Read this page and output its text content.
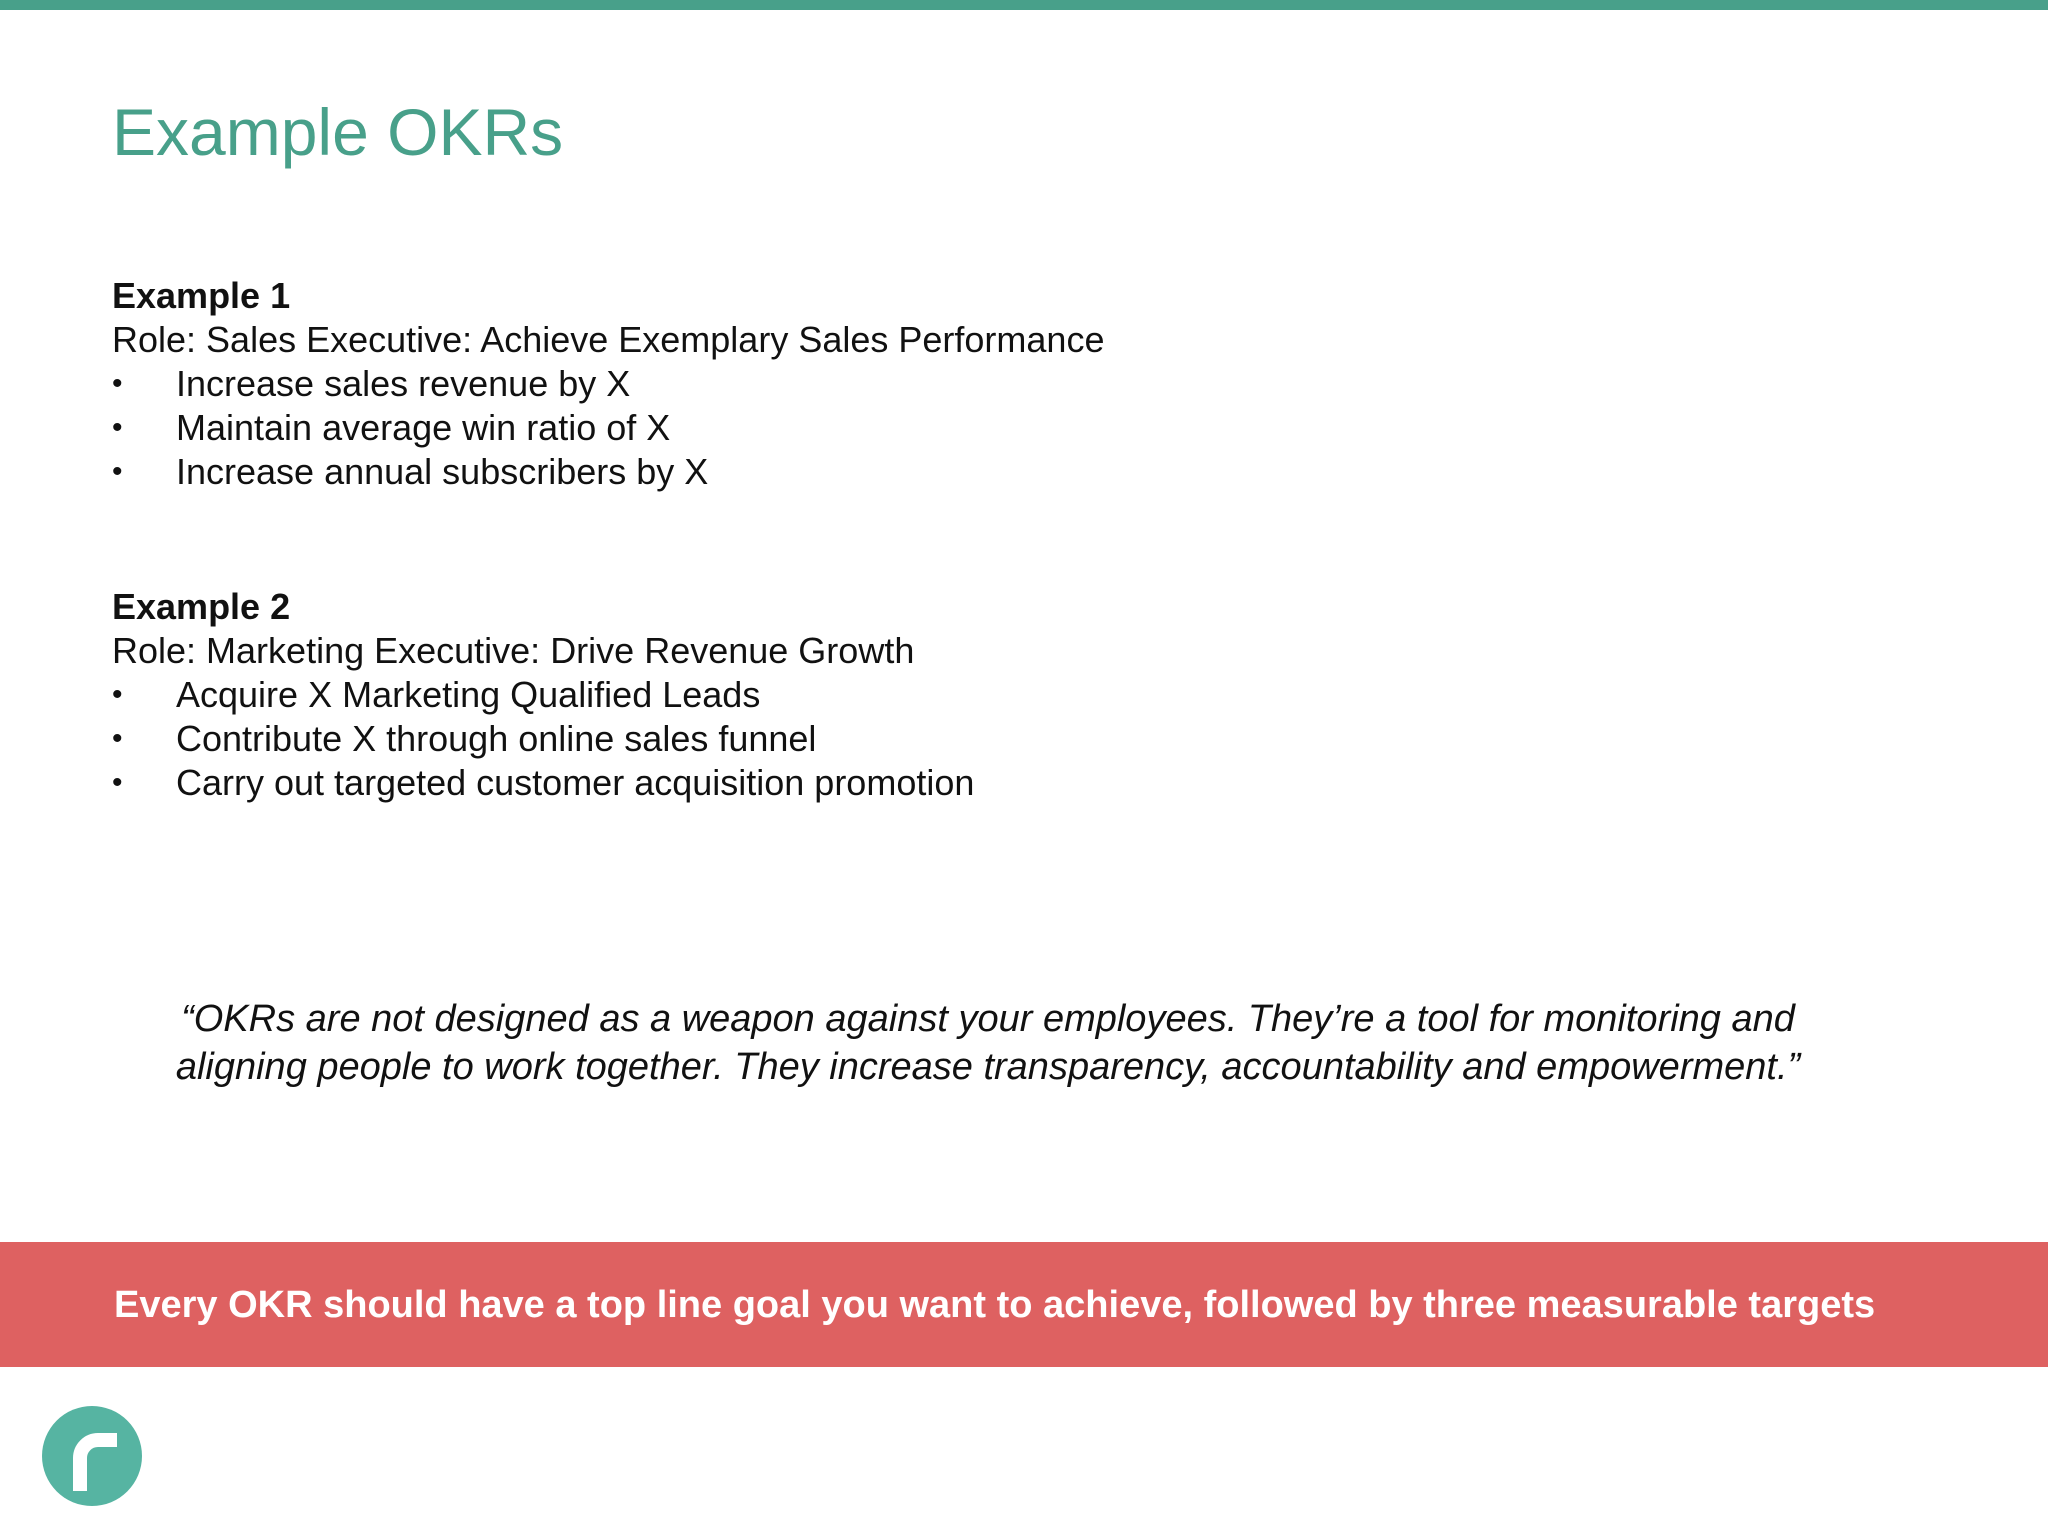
Example OKRs
Example 1
Role: Sales Executive: Achieve Exemplary Sales Performance
•	Increase sales revenue by X
•	Maintain average win ratio of X
•	Increase annual subscribers by X
Example 2
Role: Marketing Executive: Drive Revenue Growth
•	Acquire X Marketing Qualified Leads
•	Contribute X through online sales funnel
•	Carry out targeted customer acquisition promotion
“OKRs are not designed as a weapon against your employees. They’re a tool for monitoring and
aligning people to work together. They increase transparency, accountability and empowerment.”
Every OKR should have a top line goal you want to achieve, followed by three measurable targets
